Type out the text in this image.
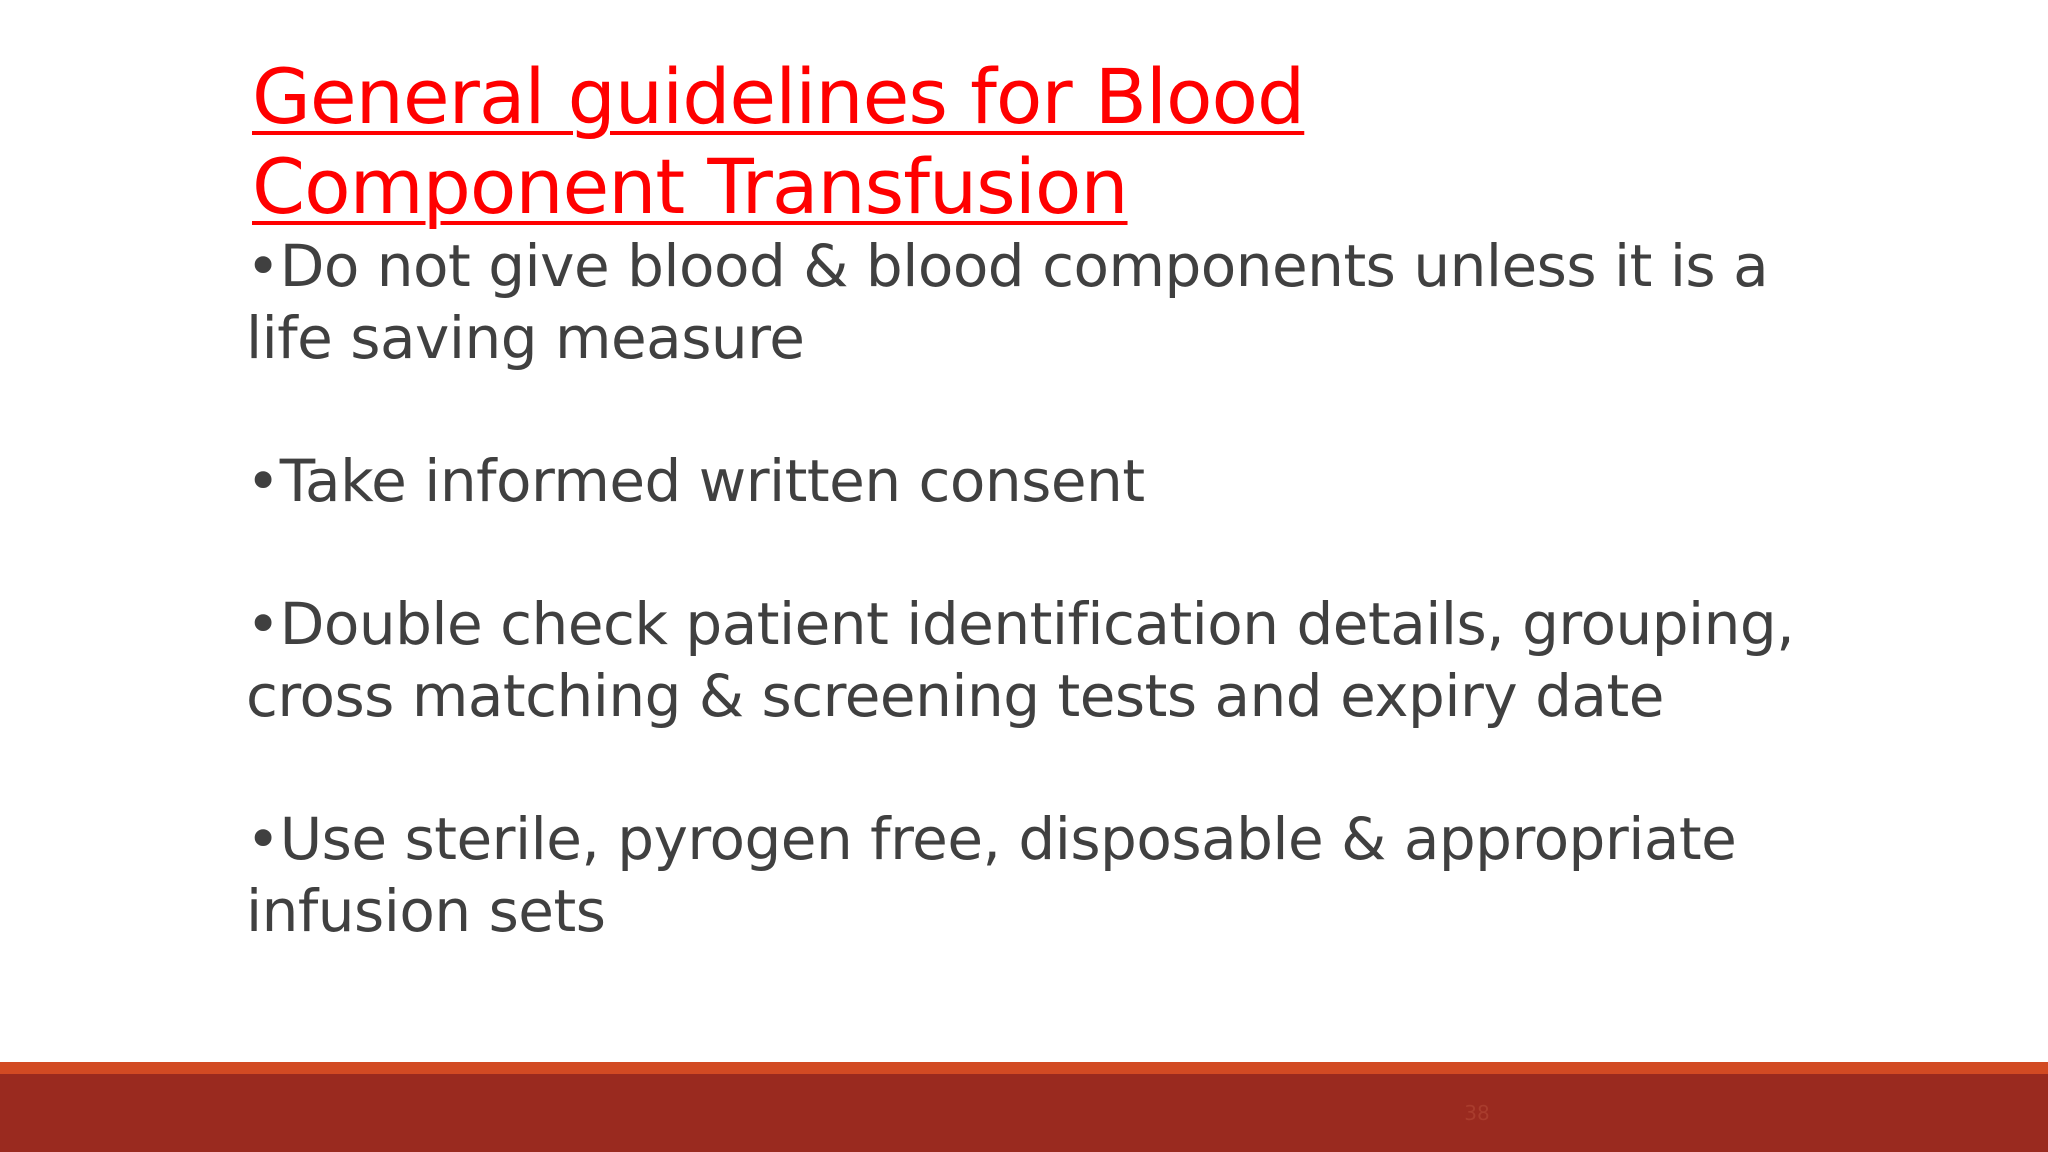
General guidelines for Blood Component Transfusion
•Do not give blood & blood components unless it is a life saving measure
•Take informed written consent
•Double check patient identification details, grouping, cross matching & screening tests and expiry date
•Use sterile, pyrogen free, disposable & appropriate infusion sets
38
